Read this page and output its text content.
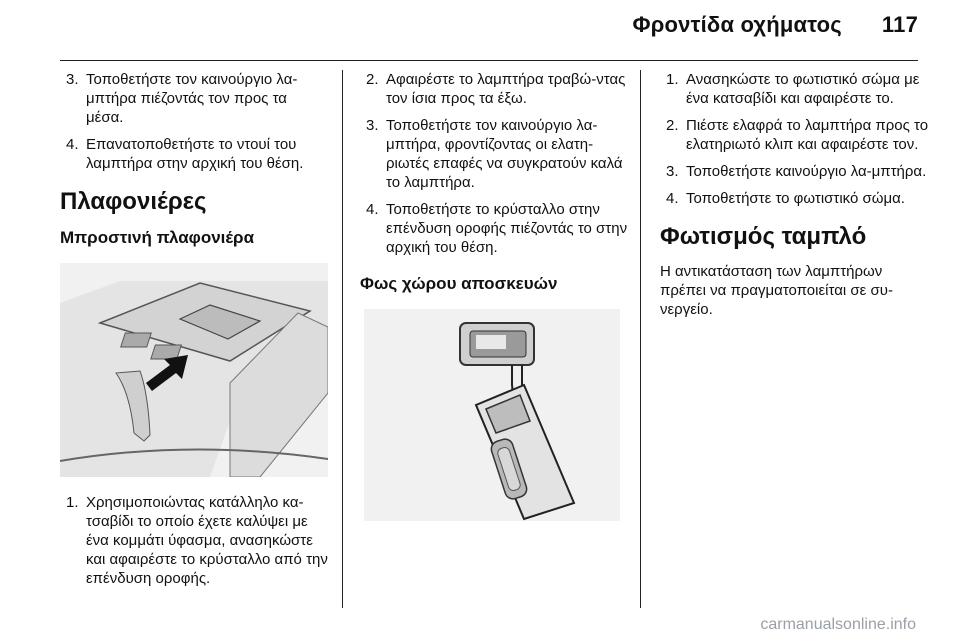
Φροντίδα οχήματος 117
3. Τοποθετήστε τον καινούργιο λα-μπτήρα πιέζοντάς τον προς τα μέσα.
4. Επανατοποθετήστε το ντουί του λαμπτήρα στην αρχική του θέση.
Πλαφονιέρες
Μπροστινή πλαφονιέρα
1. Χρησιμοποιώντας κατάλληλο κα-τσαβίδι το οποίο έχετε καλύψει με ένα κομμάτι ύφασμα, ανασηκώστε και αφαιρέστε το κρύσταλλο από την επένδυση οροφής.
2. Αφαιρέστε το λαμπτήρα τραβώ-ντας τον ίσια προς τα έξω.
3. Τοποθετήστε τον καινούργιο λα-μπτήρα, φροντίζοντας οι ελατη-ριωτές επαφές να συγκρατούν καλά το λαμπτήρα.
4. Τοποθετήστε το κρύσταλλο στην επένδυση οροφής πιέζοντάς το στην αρχική του θέση.
Φως χώρου αποσκευών
1. Ανασηκώστε το φωτιστικό σώμα με ένα κατσαβίδι και αφαιρέστε το.
2. Πιέστε ελαφρά το λαμπτήρα προς το ελατηριωτό κλιπ και αφαιρέστε τον.
3. Τοποθετήστε καινούργιο λα-μπτήρα.
4. Τοποθετήστε το φωτιστικό σώμα.
Φωτισμός ταμπλό

Η αντικατάσταση των λαμπτήρων πρέπει να πραγματοποιείται σε συ-νεργείο.

carmanualsonline.info
